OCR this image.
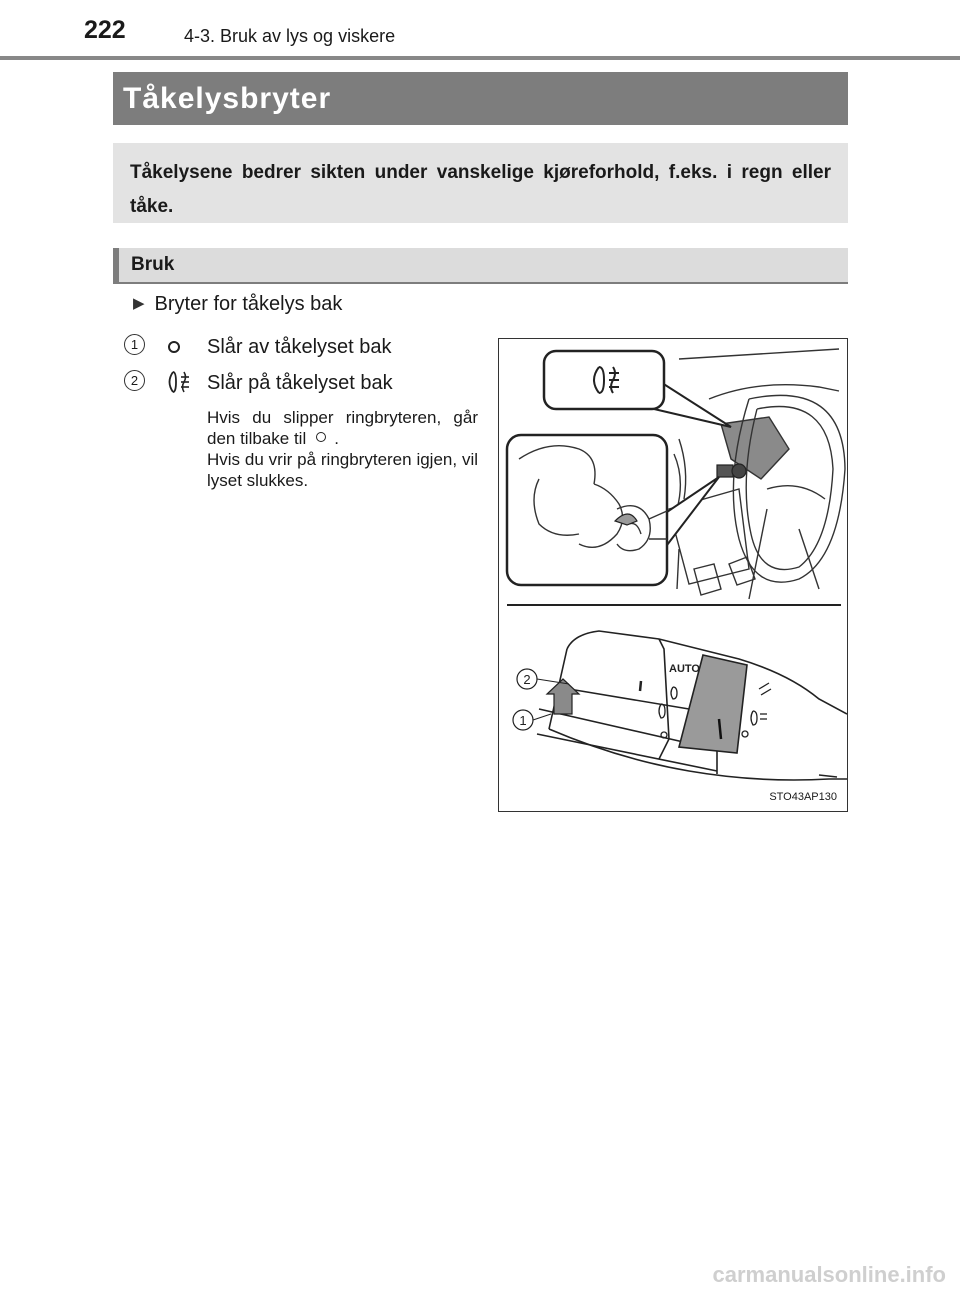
222	4-3. Bruk av lys og viskere
Tåkelysbryter
Tåkelysene bedrer sikten under vanskelige kjøreforhold, f.eks. i regn eller tåke.
Bruk
▶ Bryter for tåkelys bak
1	Slår av tåkelyset bak
2	Slår på tåkelyset bak
Hvis du slipper ringbryteren, går den tilbake til .
Hvis du vrir på ringbryteren igjen, vil lyset slukkes.
AUTO
2
1
STO43AP130
carmanualsonline.info
